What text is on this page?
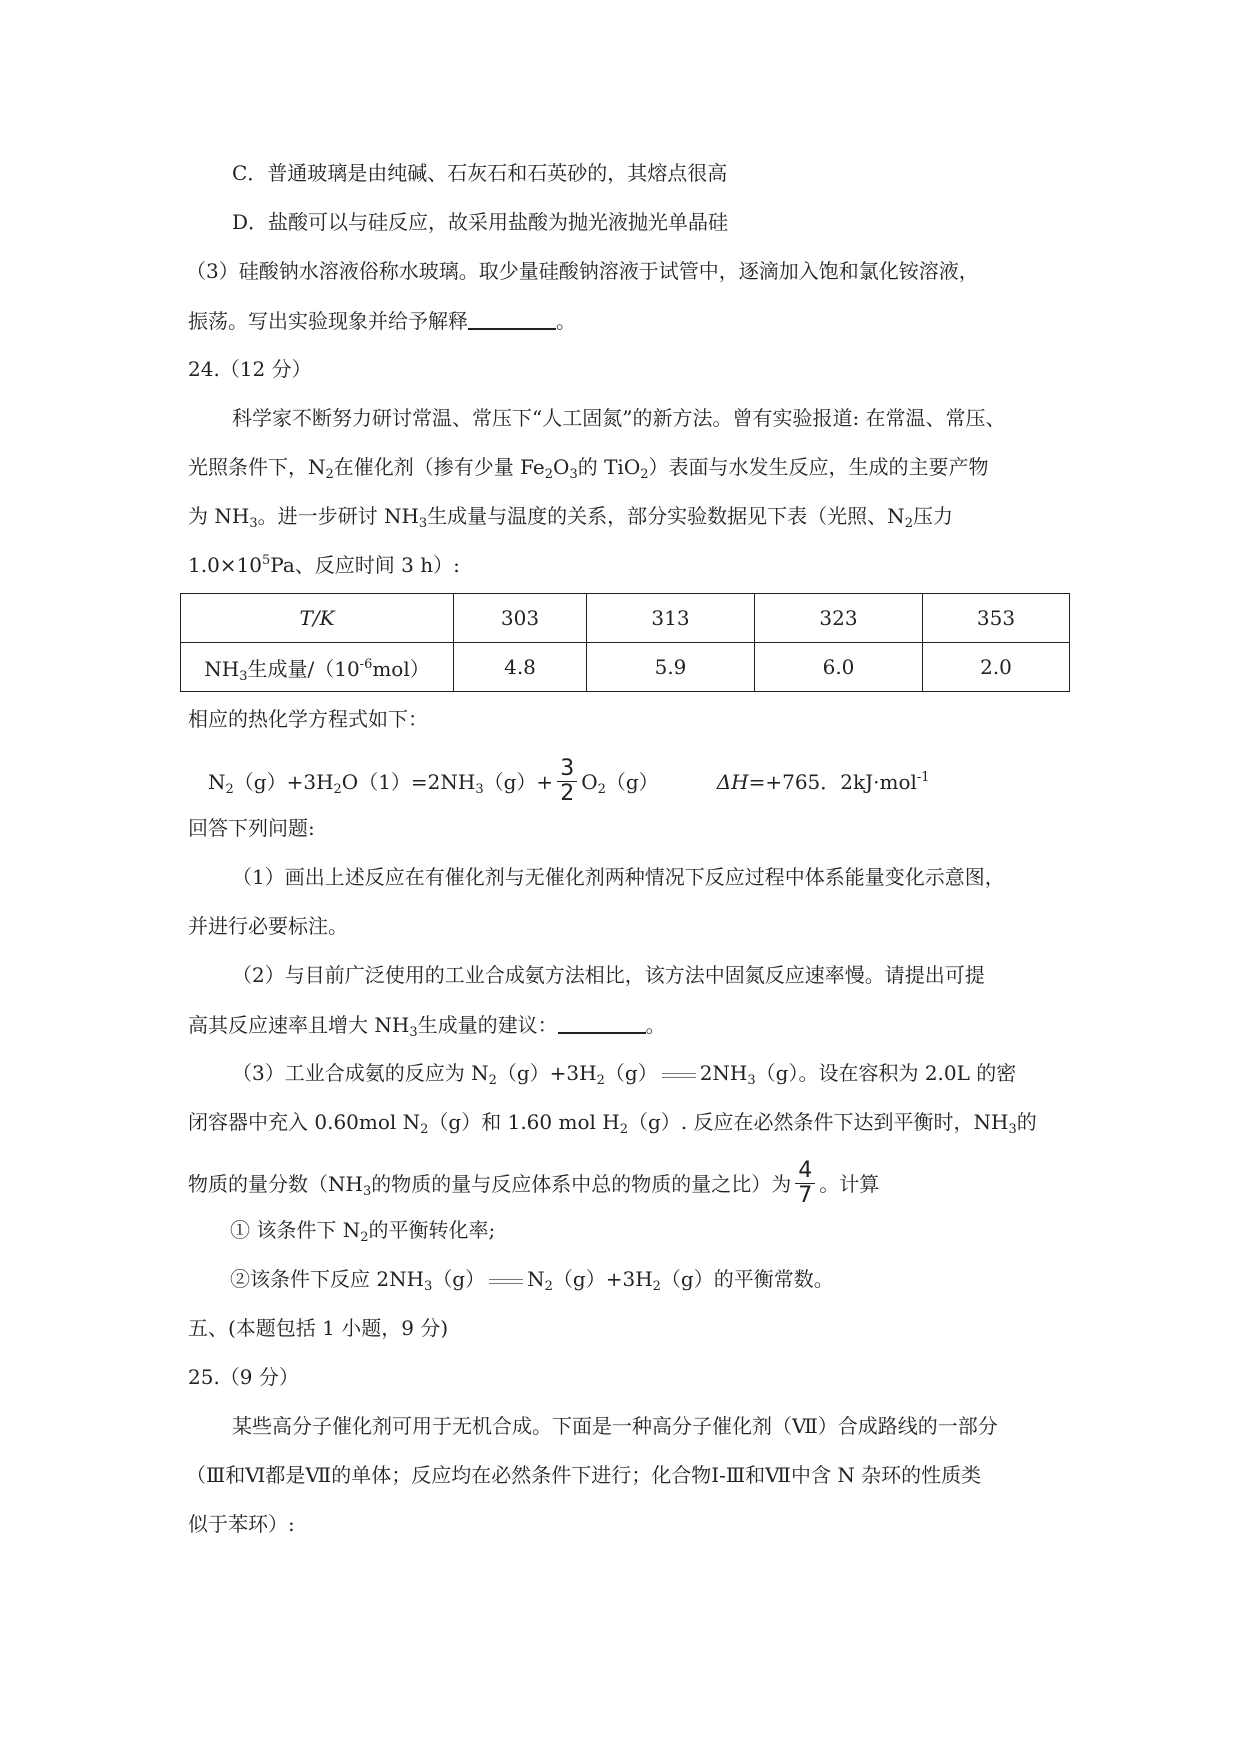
C．普通玻璃是由纯碱、石灰石和石英砂的，其熔点很高
D．盐酸可以与硅反应，故采用盐酸为抛光液抛光单晶硅
（3）硅酸钠水溶液俗称水玻璃。取少量硅酸钠溶液于试管中，逐滴加入饱和氯化铵溶液，
振荡。写出实验现象并给予解释	。
24.（12 分）
科学家不断努力研讨常温、常压下“人工固氮”的新方法。曾有实验报道: 在常温、常压、
光照条件下，$N_2$在催化剂（掺有少量 $Fe_2O_3$的 TiO$_2$）表面与水发生反应，生成的主要产物
为 $NH_3$。进一步研讨 $NH_3$生成量与温度的关系，部分实验数据见下表（光照、$N_2$压力
$1.0\times 10^5Pa$、反应时间 3 h）:
T/K	303	313	323	353
$NH_3$生成量$/(10^{-6}mol)$	4.8	5.9	6.0	2.0
相应的热化学方程式如下：
$N_2(g)+3H_2O(1)=2NH_3(g)+ \frac{3}{2} O_2(g)$	ΔH=+765．2kJ·mol$^{-1}$
回答下列问题:
（1）画出上述反应在有催化剂与无催化剂两种情况下反应过程中体系能量变化示意图，
并进行必要标注。
（2）与目前广泛使用的工业合成氨方法相比，该方法中固氮反应速率慢。请提出可提
高其反应速率且增大 $NH_3$生成量的建议：	。
（3）工业合成氨的反应为 $N_2(g)+3H_2(g)$ $2NH_3(g)$。设在容积为 2.0L 的密
闭容器中充入 0.60mol $N_2(g)$和 1.60 mol $H_2(g)$. 反应在必然条件下达到平衡时，$NH_3$的
物质的量分数（$NH_3$的物质的量与反应体系中总的物质的量之比）为 $\frac{4}{7}$ 。计算
① 该条件下 $N_2$的平衡转化率;
②该条件下反应 $2NH_3(g)$ $N_2(g)+3H_2(g)$的平衡常数。
五、(本题包括 1 小题，9 分)
25.（9 分）
某些高分子催化剂可用于无机合成。下面是一种高分子催化剂（Ⅶ）合成路线的一部分
（Ⅲ和Ⅵ都是Ⅶ的单体；反应均在必然条件下进行；化合物Ⅰ-Ⅲ和Ⅶ中含 N 杂环的性质类
似于苯环）:
